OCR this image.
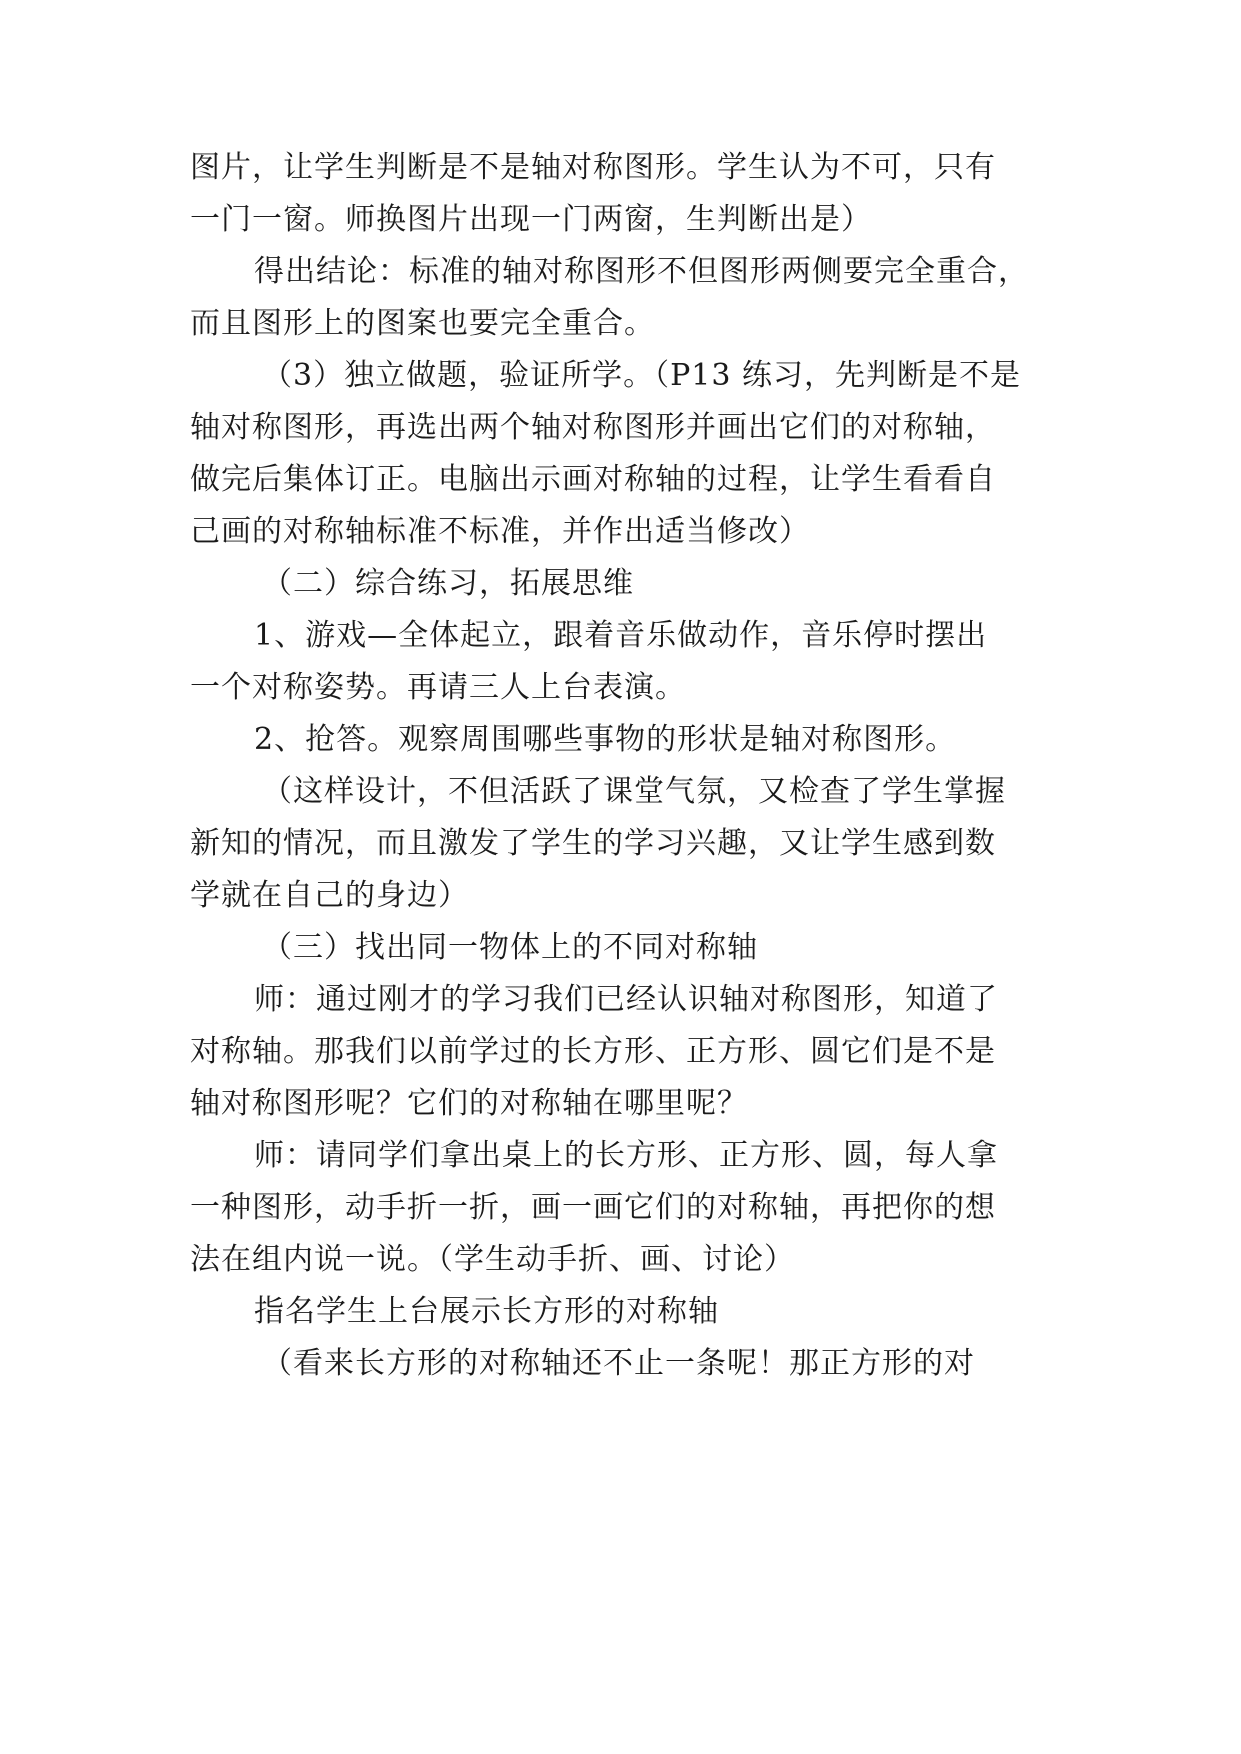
图片，让学生判断是不是轴对称图形。学生认为不可，只有
一门一窗。师换图片出现一门两窗，生判断出是）
得出结论：标准的轴对称图形不但图形两侧要完全重合，
而且图形上的图案也要完全重合。
（3）独立做题，验证所学。（P13 练习，先判断是不是
轴对称图形，再选出两个轴对称图形并画出它们的对称轴，
做完后集体订正。电脑出示画对称轴的过程，让学生看看自
己画的对称轴标准不标准，并作出适当修改）
（二）综合练习，拓展思维
1、游戏—全体起立，跟着音乐做动作，音乐停时摆出
一个对称姿势。再请三人上台表演。
2、抢答。观察周围哪些事物的形状是轴对称图形。
（这样设计，不但活跃了课堂气氛，又检查了学生掌握
新知的情况，而且激发了学生的学习兴趣，又让学生感到数
学就在自己的身边）
（三）找出同一物体上的不同对称轴
师：通过刚才的学习我们已经认识轴对称图形，知道了
对称轴。那我们以前学过的长方形、正方形、圆它们是不是
轴对称图形呢？它们的对称轴在哪里呢？
师：请同学们拿出桌上的长方形、正方形、圆，每人拿
一种图形，动手折一折，画一画它们的对称轴，再把你的想
法在组内说一说。（学生动手折、画、讨论）
指名学生上台展示长方形的对称轴
（看来长方形的对称轴还不止一条呢！那正方形的对
